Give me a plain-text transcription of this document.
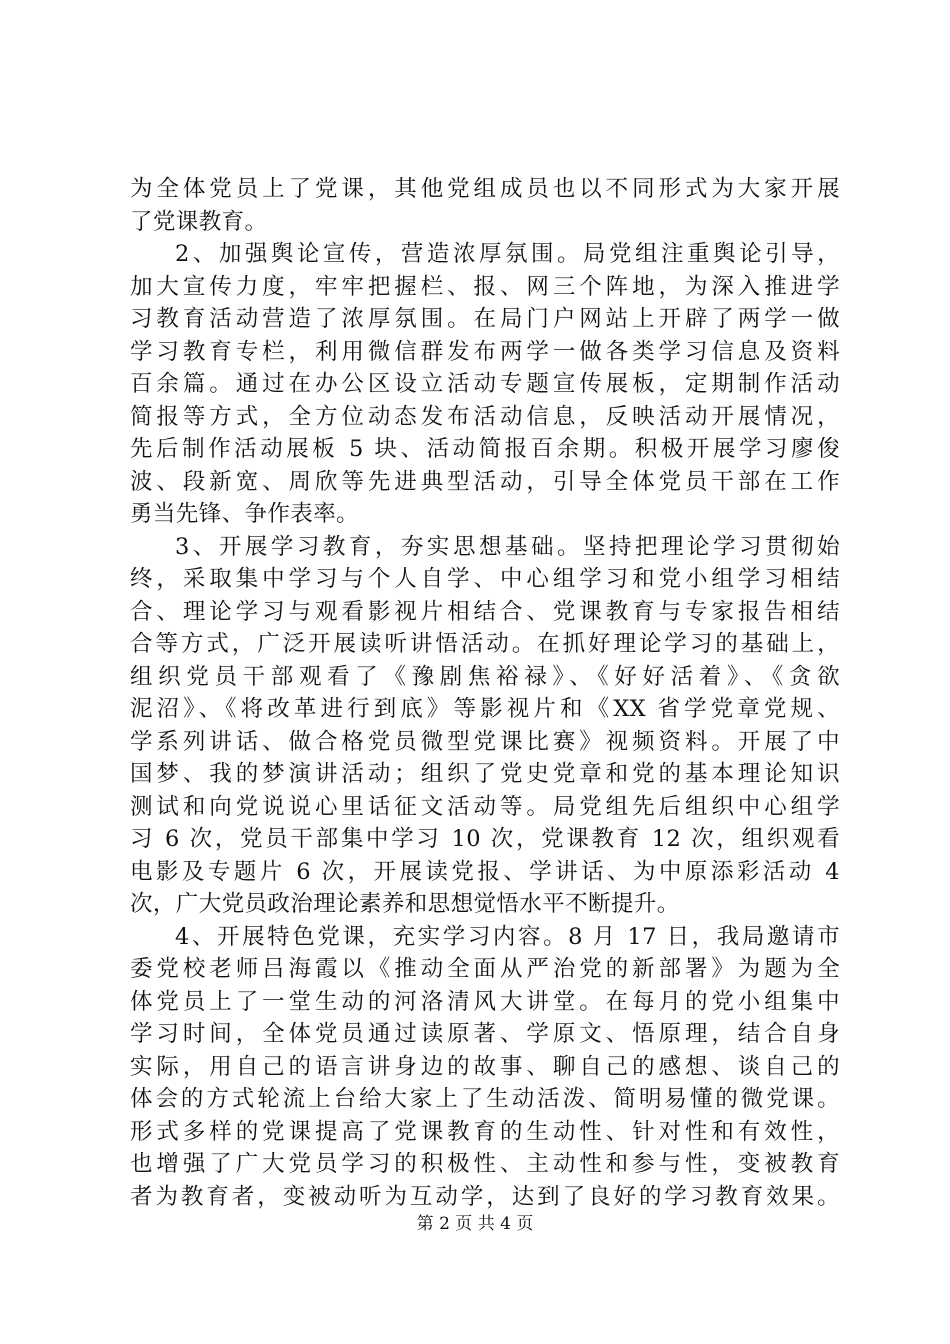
为全体党员上了党课，其他党组成员也以不同形式为大家开展
了党课教育。
2、加强舆论宣传，营造浓厚氛围。局党组注重舆论引导，
加大宣传力度，牢牢把握栏、报、网三个阵地，为深入推进学
习教育活动营造了浓厚氛围。在局门户网站上开辟了两学一做
学习教育专栏，利用微信群发布两学一做各类学习信息及资料
百余篇。通过在办公区设立活动专题宣传展板，定期制作活动
简报等方式，全方位动态发布活动信息，反映活动开展情况，
先后制作活动展板 5 块、活动简报百余期。积极开展学习廖俊
波、段新宽、周欣等先进典型活动，引导全体党员干部在工作
勇当先锋、争作表率。
3、开展学习教育，夯实思想基础。坚持把理论学习贯彻始
终，采取集中学习与个人自学、中心组学习和党小组学习相结
合、理论学习与观看影视片相结合、党课教育与专家报告相结
合等方式，广泛开展读听讲悟活动。在抓好理论学习的基础上，
组织党员干部观看了《豫剧焦裕禄》、《好好活着》、《贪欲
泥沼》、《将改革进行到底》等影视片和《XX 省学党章党规、
学系列讲话、做合格党员微型党课比赛》视频资料。开展了中
国梦、我的梦演讲活动；组织了党史党章和党的基本理论知识
测试和向党说说心里话征文活动等。局党组先后组织中心组学
习 6 次，党员干部集中学习 10 次，党课教育 12 次，组织观看
电影及专题片 6 次，开展读党报、学讲话、为中原添彩活动 4
次，广大党员政治理论素养和思想觉悟水平不断提升。
4、开展特色党课，充实学习内容。8 月 17 日，我局邀请市
委党校老师吕海霞以《推动全面从严治党的新部署》为题为全
体党员上了一堂生动的河洛清风大讲堂。在每月的党小组集中
学习时间，全体党员通过读原著、学原文、悟原理，结合自身
实际，用自己的语言讲身边的故事、聊自己的感想、谈自己的
体会的方式轮流上台给大家上了生动活泼、简明易懂的微党课。
形式多样的党课提高了党课教育的生动性、针对性和有效性，
也增强了广大党员学习的积极性、主动性和参与性，变被教育
者为教育者，变被动听为互动学，达到了良好的学习教育效果。
第 2 页 共 4 页
